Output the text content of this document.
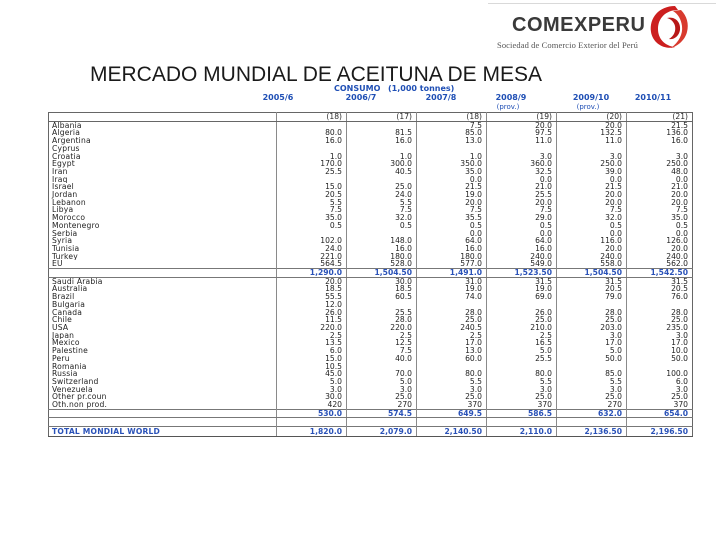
COMEXPERU
Sociedad de Comercio Exterior del Perú
MERCADO MUNDIAL DE ACEITUNA DE MESA
CONSUMO (1,000 tonnes)
2005/6	2006/7	2007/8	2008/9	2009/10	2010/11
(prov.)	(prov.)
	(18)	(17)	(18)	(19)	(20)	(21)
Albania			7.5	20.0	20.0	21.5
Algeria	80.0	81.5	85.0	97.5	132.5	136.0
Argentina	16.0	16.0	13.0	11.0	11.0	16.0
Cyprus						
Croatia	1.0	1.0	1.0	3.0	3.0	3.0
Egypt	170.0	300.0	350.0	360.0	250.0	250.0
Iran	25.5	40.5	35.0	32.5	39.0	48.0
Iraq			0.0	0.0	0.0	0.0
Israel	15.0	25.0	21.5	21.0	21.5	21.0
Jordan	20.5	24.0	19.0	25.5	20.0	20.0
Lebanon	5.5	5.5	20.0	20.0	20.0	20.0
Libya	7.5	7.5	7.5	7.5	7.5	7.5
Morocco	35.0	32.0	35.5	29.0	32.0	35.0
Montenegro	0.5	0.5	0.5	0.5	0.5	0.5
Serbia			0.0	0.0	0.0	0.0
Syria	102.0	148.0	64.0	64.0	116.0	126.0
Tunisia	24.0	16.0	16.0	16.0	20.0	20.0
Turkey	221.0	180.0	180.0	240.0	240.0	240.0
EU	564.5	528.0	577.0	549.0	558.0	562.0
	1,290.0	1,504.50	1,491.0	1,523.50	1,504.50	1,542.50
Saudi Arabia	20.0	30.0	31.0	31.5	31.5	31.5
Australia	18.5	18.5	19.0	19.0	20.5	20.5
Brazil	55.5	60.5	74.0	69.0	79.0	76.0
Bulgaria	12.0					
Canada	26.0	25.5	28.0	26.0	28.0	28.0
Chile	11.5	28.0	25.0	25.0	25.0	25.0
USA	220.0	220.0	240.5	210.0	203.0	235.0
Japan	2.5	2.5	2.5	2.5	3.0	3.0
Mexico	13.5	12.5	17.0	16.5	17.0	17.0
Palestine	6.0	7.5	13.0	5.0	5.0	10.0
Peru	15.0	40.0	60.0	25.5	50.0	50.0
Romania	10.5					
Russia	45.0	70.0	80.0	80.0	85.0	100.0
Switzerland	5.0	5.0	5.5	5.5	5.5	6.0
Venezuela	3.0	3.0	3.0	3.0	3.0	3.0
Other pr.coun	30.0	25.0	25.0	25.0	25.0	25.0
Oth.non prod.	420	270	370	370	270	370
	530.0	574.5	649.5	586.5	632.0	654.0

TOTAL MONDIAL WORLD	1,820.0	2,079.0	2,140.50	2,110.0	2,136.50	2,196.50
